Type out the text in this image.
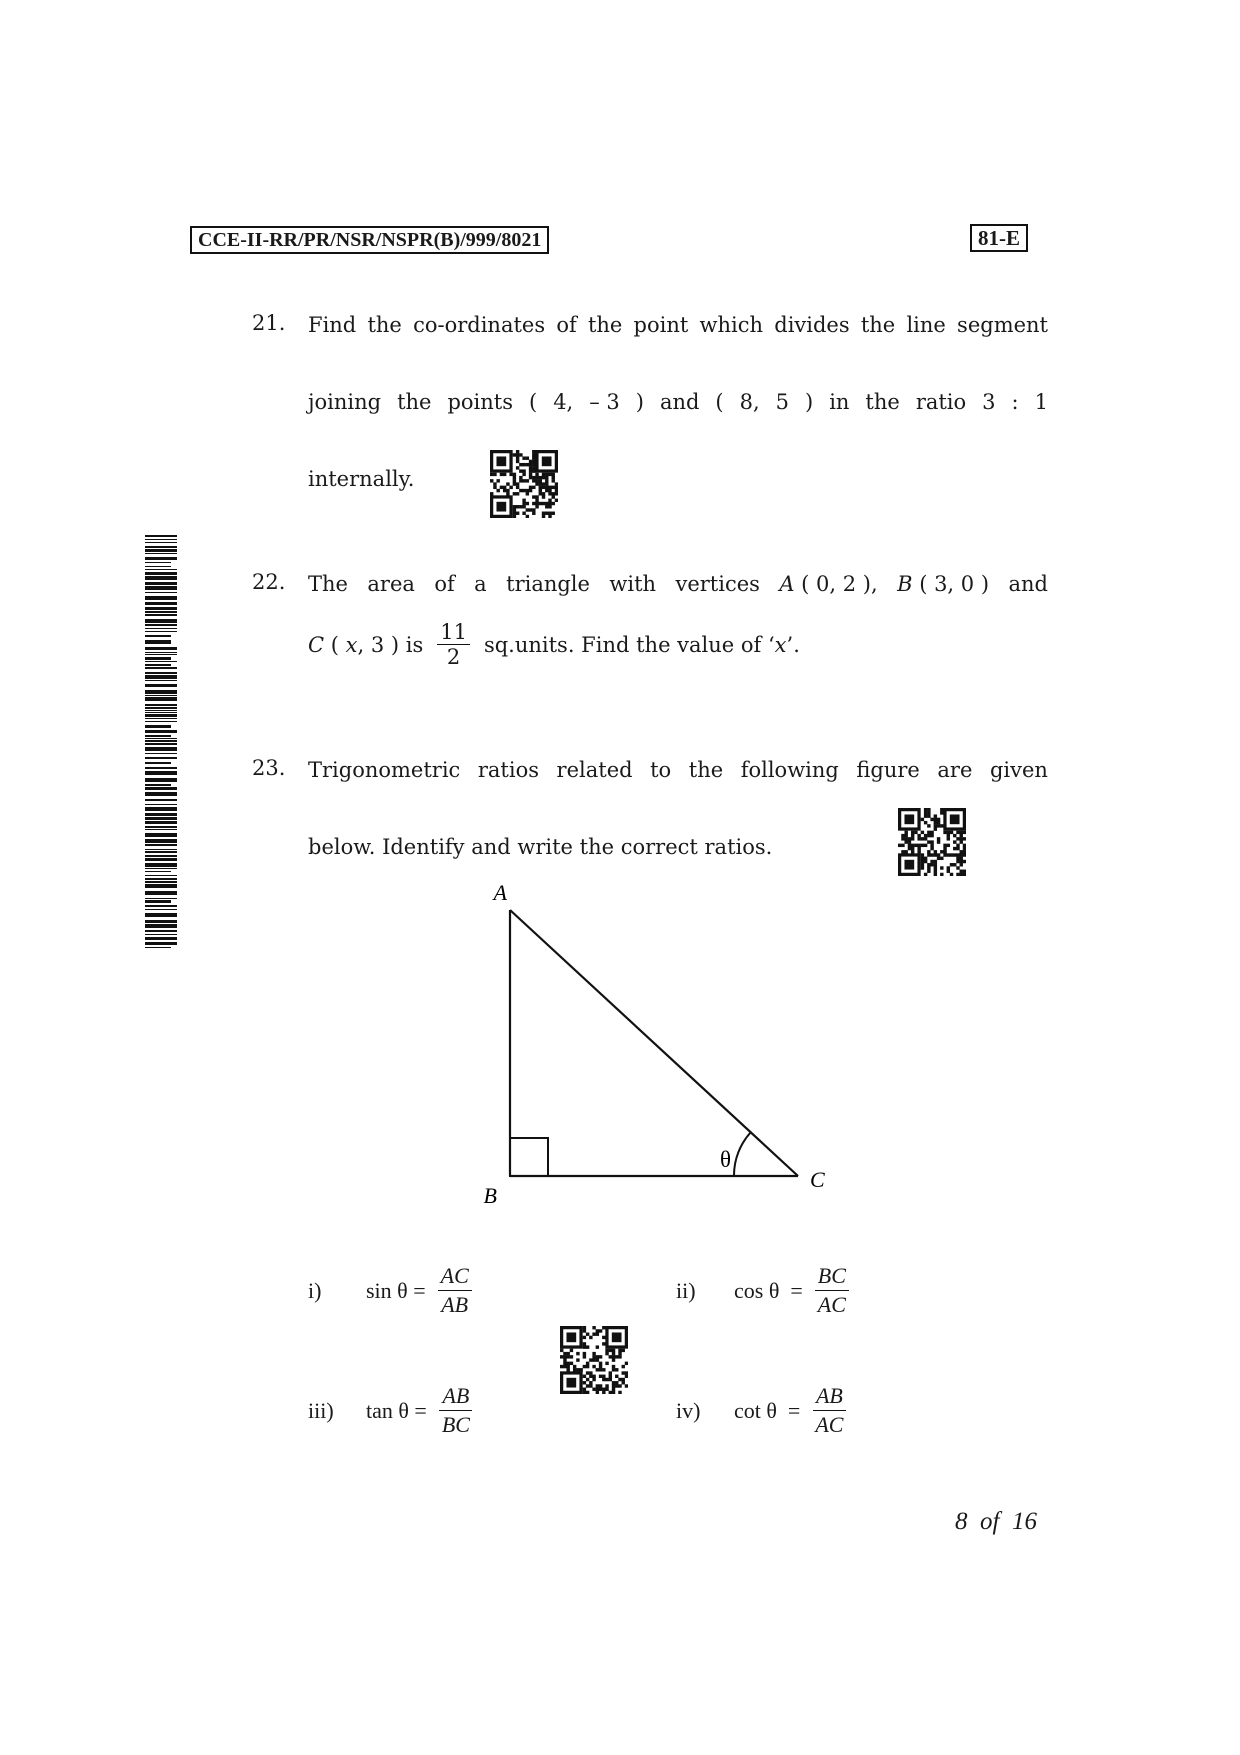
CCE-II-RR/PR/NSR/NSPR(B)/999/8021	81-E
21. Find the co-ordinates of the point which divides the line segment
joining the points ( 4, – 3 ) and ( 8, 5 ) in the ratio 3 : 1
internally.
22. The area of a triangle with vertices A ( 0, 2 ), B ( 3, 0 ) and
C ( x , 3 ) is $\frac{11}{2}$ sq.units. Find the value of ‘ x ’.
23. Trigonometric ratios related to the following figure are given
below. Identify and write the correct ratios.
A
B
C
θ
i)	$\sin \theta = \frac{AC}{AB}$	ii)	$\cos \theta = \frac{BC}{AC}$
iii)	$\tan \theta = \frac{AB}{BC}$	iv)	$\cot \theta = \frac{AB}{AC}$
8  of  16
